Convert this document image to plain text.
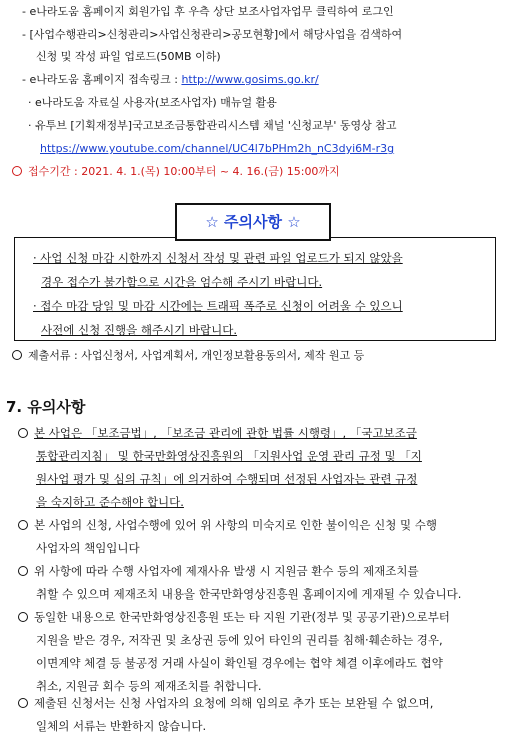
- e나라도움 홈페이지 회원가입 후 우측 상단 보조사업자업무 클릭하여 로그인
- [사업수행관리>신청관리>사업신청관리>공모현황]에서 해당사업을 검색하여
신청 및 작성 파일 업로드(50MB 이하)
- e나라도움 홈페이지 접속링크 : http://www.gosims.go.kr/
· e나라도움 자료실 사용자(보조사업자) 매뉴얼 활용
· 유투브 [기획재정부]국고보조금통합관리시스템 채널 '신청교부' 동영상 참고
https://www.youtube.com/channel/UC4l7bPHm2h_nC3dyi6M-r3g
접수기간 : 2021. 4. 1.(목) 10:00부터 ~ 4. 16.(금) 15:00까지
· 사업 신청 마감 시한까지 신청서 작성 및 관련 파일 업로드가 되지 않았을
경우 접수가 불가함으로 시간을 엄수해 주시기 바랍니다.
· 접수 마감 당일 및 마감 시간에는 트래픽 폭주로 신청이 어려울 수 있으니
사전에 신청 진행을 해주시기 바랍니다.
☆ 주의사항 ☆
제출서류 : 사업신청서, 사업계획서, 개인정보활용동의서, 제작 원고 등
7. 유의사항
본 사업은 「보조금법」, 「보조금 관리에 관한 법률 시행령」, 「국고보조금
통합관리지침」 및 한국만화영상진흥원의 「지원사업 운영 관리 규정 및 「지
원사업 평가 및 심의 규칙」에 의거하여 수행되며 선정된 사업자는 관련 규정
을 숙지하고 준수해야 합니다.
본 사업의 신청, 사업수행에 있어 위 사항의 미숙지로 인한 불이익은 신청 및 수행
사업자의 책임입니다
위 사항에 따라 수행 사업자에 제재사유 발생 시 지원금 환수 등의 제재조치를
취할 수 있으며 제재조치 내용을 한국만화영상진흥원 홈페이지에 게재될 수 있습니다.
동일한 내용으로 한국만화영상진흥원 또는 타 지원 기관(정부 및 공공기관)으로부터
지원을 받은 경우, 저작권 및 초상권 등에 있어 타인의 권리를 침해·훼손하는 경우,
이면계약 체결 등 불공정 거래 사실이 확인될 경우에는 협약 체결 이후에라도 협약
취소, 지원금 회수 등의 제재조치를 취합니다.
제출된 신청서는 신청 사업자의 요청에 의해 임의로 추가 또는 보완될 수 없으며,
일체의 서류는 반환하지 않습니다.
